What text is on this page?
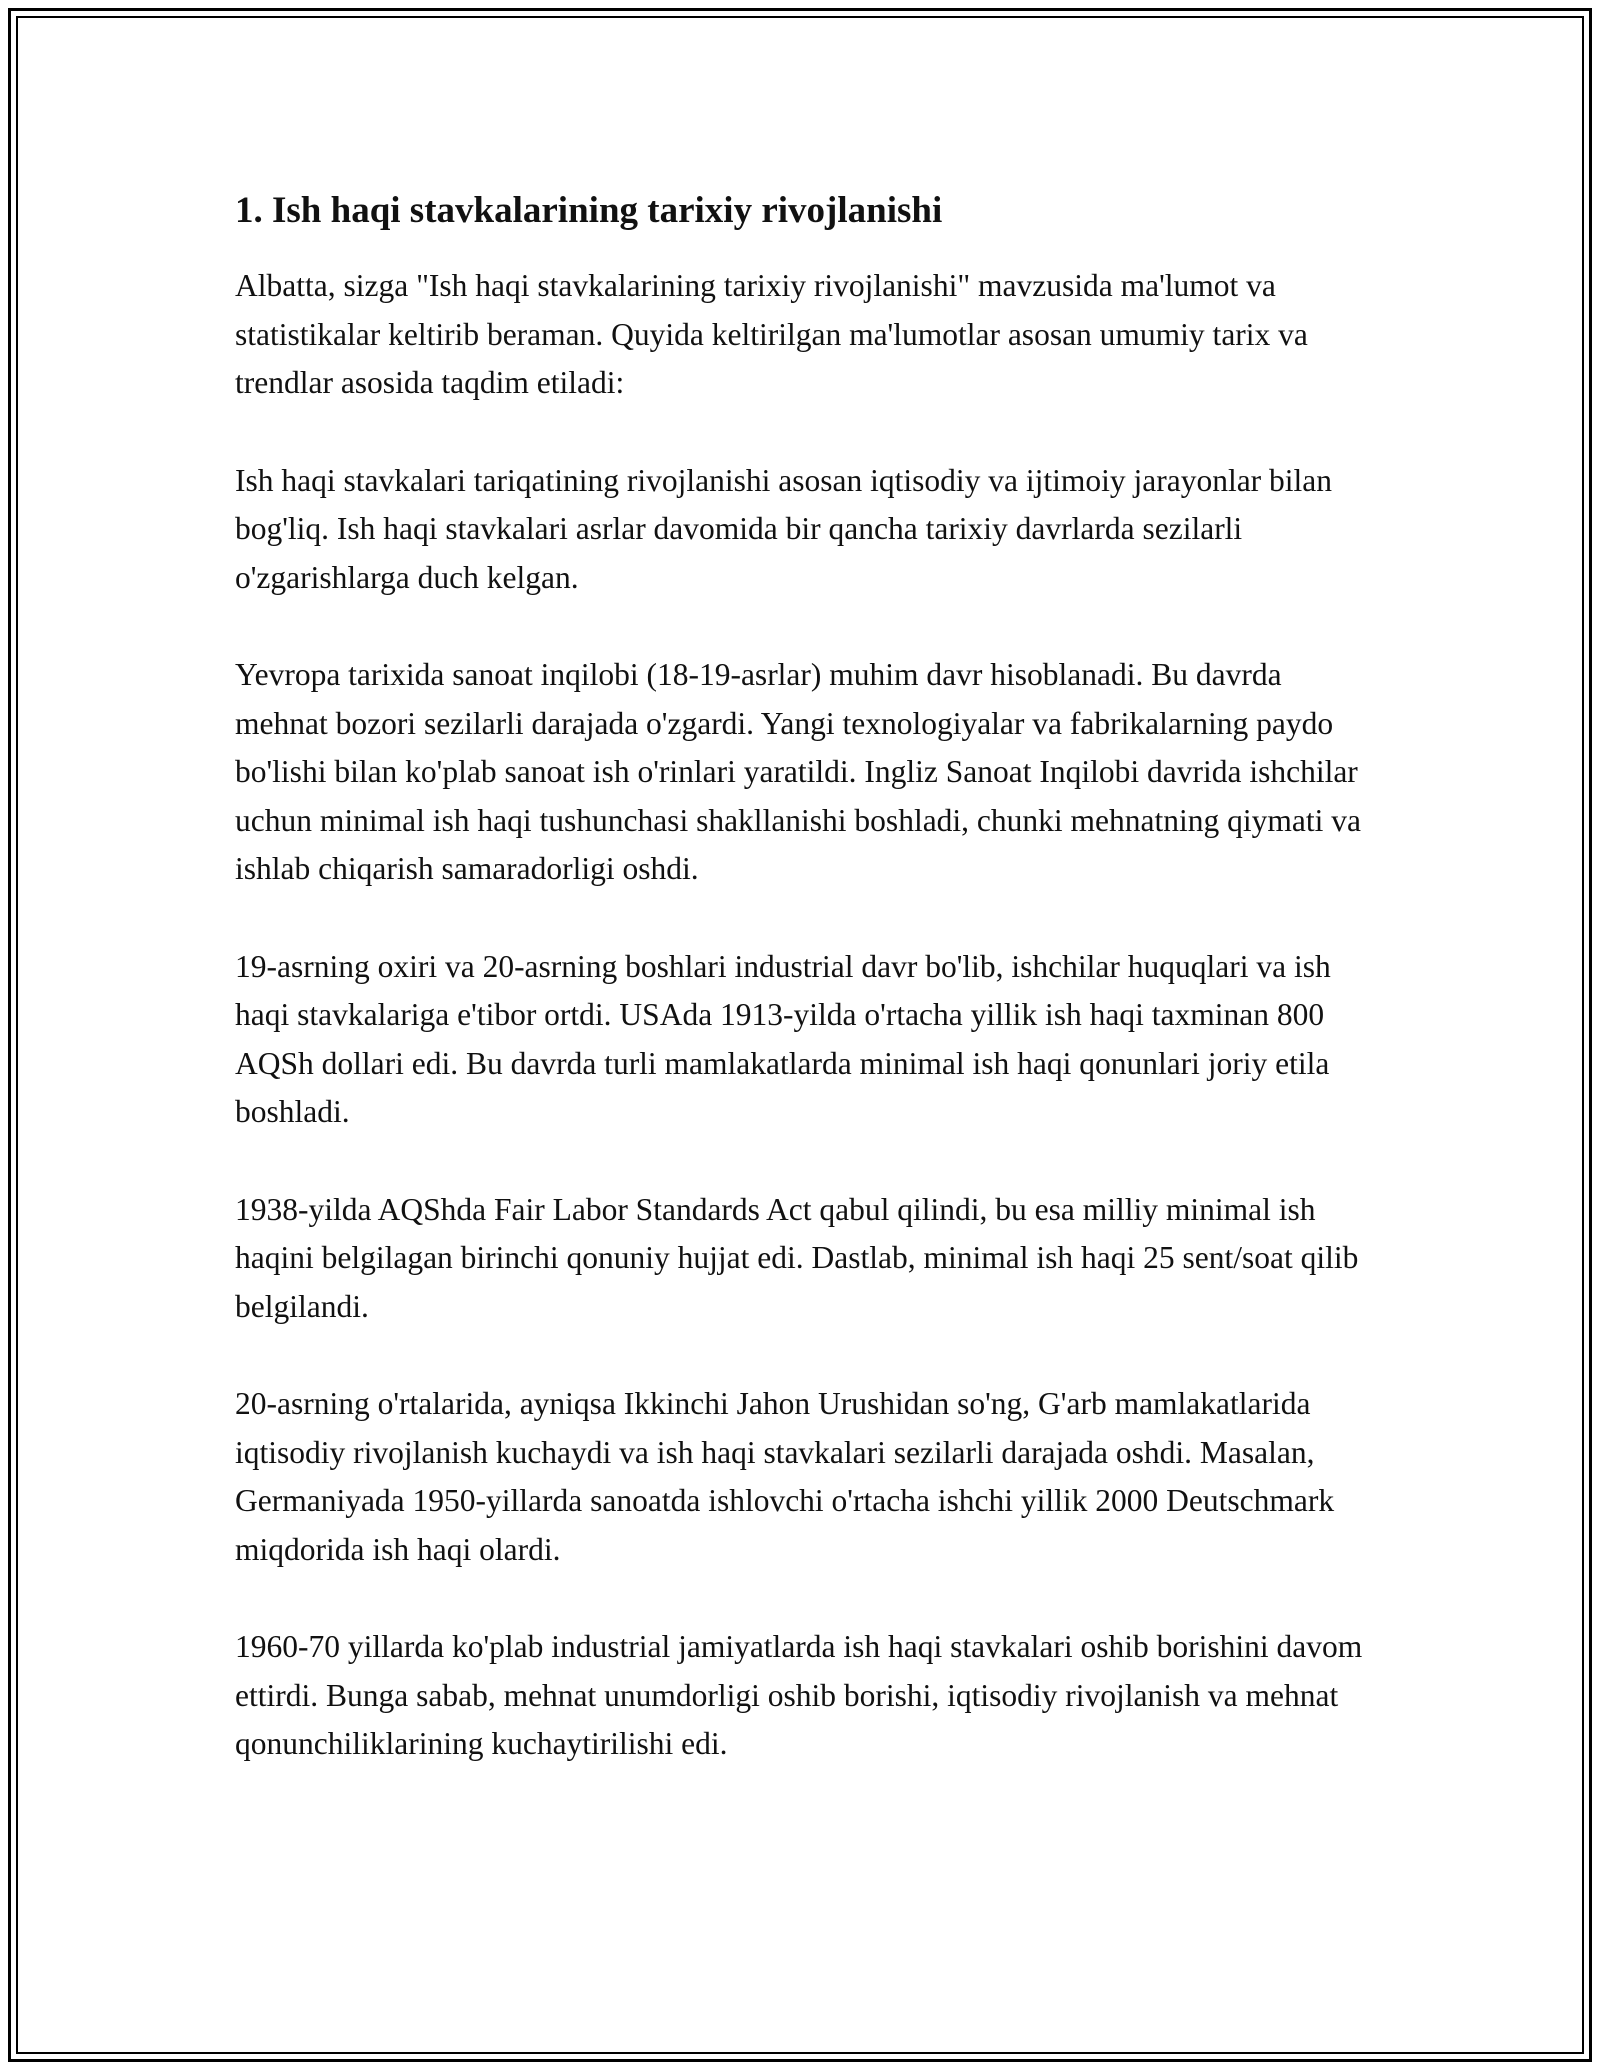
1. Ish haqi stavkalarining tarixiy rivojlanishi

Albatta, sizga "Ish haqi stavkalarining tarixiy rivojlanishi" mavzusida ma'lumot va statistikalar keltirib beraman. Quyida keltirilgan ma'lumotlar asosan umumiy tarix va trendlar asosida taqdim etiladi:

Ish haqi stavkalari tariqatining rivojlanishi asosan iqtisodiy va ijtimoiy jarayonlar bilan bog'liq. Ish haqi stavkalari asrlar davomida bir qancha tarixiy davrlarda sezilarli o'zgarishlarga duch kelgan.

Yevropa tarixida sanoat inqilobi (18-19-asrlar) muhim davr hisoblanadi. Bu davrda mehnat bozori sezilarli darajada o'zgardi. Yangi texnologiyalar va fabrikalarning paydo bo'lishi bilan ko'plab sanoat ish o'rinlari yaratildi. Ingliz Sanoat Inqilobi davrida ishchilar uchun minimal ish haqi tushunchasi shakllanishi boshladi, chunki mehnatning qiymati va ishlab chiqarish samaradorligi oshdi.

19-asrning oxiri va 20-asrning boshlari industrial davr bo'lib, ishchilar huquqlari va ish haqi stavkalariga e'tibor ortdi. USAda 1913-yilda o'rtacha yillik ish haqi taxminan 800 AQSh dollari edi. Bu davrda turli mamlakatlarda minimal ish haqi qonunlari joriy etila boshladi.

1938-yilda AQShda Fair Labor Standards Act qabul qilindi, bu esa milliy minimal ish haqini belgilagan birinchi qonuniy hujjat edi. Dastlab, minimal ish haqi 25 sent/soat qilib belgilandi.

20-asrning o'rtalarida, ayniqsa Ikkinchi Jahon Urushidan so'ng, G'arb mamlakatlarida iqtisodiy rivojlanish kuchaydi va ish haqi stavkalari sezilarli darajada oshdi. Masalan, Germaniyada 1950-yillarda sanoatda ishlovchi o'rtacha ishchi yillik 2000 Deutschmark miqdorida ish haqi olardi.

1960-70 yillarda ko'plab industrial jamiyatlarda ish haqi stavkalari oshib borishini davom ettirdi. Bunga sabab, mehnat unumdorligi oshib borishi, iqtisodiy rivojlanish va mehnat qonunchiliklarining kuchaytirilishi edi.
